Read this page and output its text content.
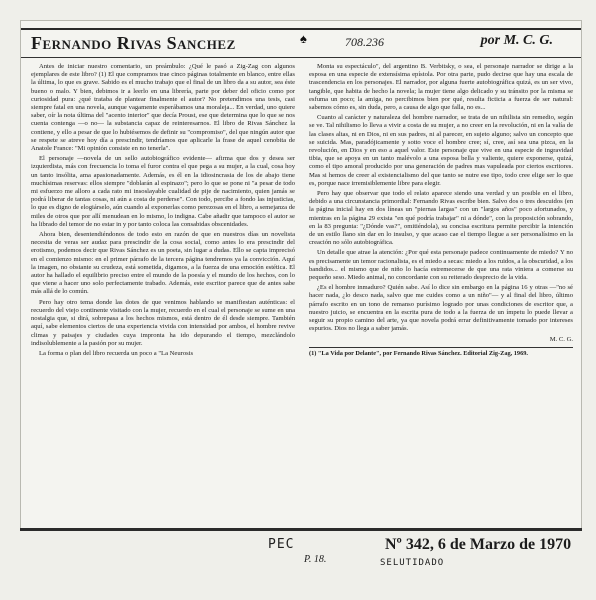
Fernando Rivas Sanchez	♠	708.236	por M. C. G.

Antes de iniciar nuestro comentario, un preámbulo: ¿Qué le pasó a Zig-Zag con algunos ejemplares de este libro? (1) El que compramos trae cinco páginas totalmente en blanco, entre ellas la última, lo que es grave. Sabido es el mucho trabajo que el final de un libro da a su autor, sea éste bueno o malo. Y bien, debimos ir a leerlo en una librería, parte por deber del oficio como por curiosidad pura: ¿qué trataba de plantear finalmente el autor? No pretendimos una tesis, casi siempre fatal en una novela, aunque vagamente esperábamos una moraleja... En verdad, uno quiere saber, oír la nota última del "acento interior" que decía Proust, ese que determina que lo que se nos cuenta contenga —o no— la substancia capaz de reinteresarnos. El libro de Rivas Sánchez la contiene, y ello a pesar de que lo hubiésemos de definir su "compromiso", del que ningún autor que se respete se atreve hoy día a prescindir, tendríamos que aplicarle la frase de aquel cenobita de Anatole France: "Mi opinión consiste en no tenerla".

El personaje —novela de un sello autobiográfico evidente— afirma que dos y desea ser izquierdista, más con frecuencia lo toma el furor contra el que pega a su mujer, a la cual, cosa hoy un tanto insólita, ama apasionadamente. Además, es él en la idiosincrasia de los de abajo tiene muchísimas reservas: ellos siempre "doblarán al espinazo"; pero lo que se pone ni "a pesar de todo mi esfuerzo me alloro a cada rato mi insoslayable cualidad de pije de nacimiento, quien jamás se podrá liberar de tantas cosas, ni aún a costa de perderse". Con todo, percibe a fondo las injusticias, lo que es digno de elogiárselo, aún cuando al exponerlas como perezosas en el libro, a semejanza de miles de otros que por allí menudean en lo mismo, lo indigna. Cabe añadir que tampoco el autor se ha librado del temor de no estar in y por tanto coloca las consabidas obscenidades.

Ahora bien, desentendiéndonos de todo esto en razón de que en nuestros días un novelista necesita de veras ser audaz para prescindir de la cosa social, como antes lo era prescindir del erotismo, podemos decir que Rivas Sánchez es un poeta, sin lugar a dudas. Ello se capta imprecisó en el comienzo mismo: en el primer párrafo de la tercera página tendremos ya la convicción. Aquí la imagen, no obstante su crudeza, está sometida, digamos, a la fuerza de una emoción estética. El autor ha hallado el equilibrio preciso entre el mundo de la poesía y el mundo de los hechos, con lo que viene a hacer uno solo perfectamente trabado. Además, este escritor parece que de antes sabe más allá de lo común.

Pero hay otro tema donde las dotes de que venimos hablando se manifiestan auténticas: el recuerdo del viejo continente visitado con la mujer, recuerdo en el cual el personaje se sume en una nostalgia que, si dirá, sobrepasa a los hechos mismos, está dentro de él desde siempre. También aquí, sabe elementos ciertos de una experiencia vivida con intensidad por ambos, el hombre revive climas y paisajes y ciudades cuya impronta ha ido depurando el tiempo, mezclándolo indisolublemente a la pasión por su mujer.

La forma o plan del libro recuerda un poco a "La Neurosis

Monta su espectáculo", del argentino B. Verbitsky, o sea, el personaje narrador se dirige a la esposa en una especie de extensísima epístola. Por otra parte, pudo decirse que hay una escala de trascendencia en los personajes. El narrador, por alguna fuerte autobiográfica quizá, es un ser vivo, tangible, que habita de hecho la novela; la mujer tiene algo delicado y su tránsito por la misma se esfuma un poco; la amiga, no percibimos bien por qué, resulta ficticia a fuerza de ser natural: sabemos cómo es, sin duda, pero, a causa de algo que falla, no es...

Cuanto al carácter y naturaleza del hombre narrador, se trata de un nihilista sin remedio, según se ve. Tal nihilismo lo lleva a vivir a costa de su mujer, a no creer en la revolución, ni en la valía de las clases altas, ni en Dios, ni en sus padres, ni al parecer, en sujeto alguno; salvo un concepto que se suicida. Mas, paradójicamente y sotto voce el hombre cree; sí, cree, así sea una pizca, en la revolución, en Dios y en eso a aquel valor. Este personaje que vive en una especie de ingravidad tibia, que se apoya en un tanto malévolo a una esposa bella y valiente, quiere exponerse, quizá, como el tipo amoral producido por una generación de padres mas vapuleada por ciertos escritores. Mas si hemos de creer al existencialismo del que tanto se nutre ese tipo, todo cree elige ser lo que es, porque nace irremisiblemente libre para elegir.

Pero hay que observar que todo el relato aparece siendo una verdad y un posible en el libro, debido a una circunstancia primordial: Fernando Rivas escribe bien. Salvo dos o tres descuidos (en la página inicial hay en dos líneas un "piernas largas" con un "largos años" poco afortunados, y mientras en la página 29 exista "en qué podría trabajar" ni a dónde", con la proposición sobrando, en la 83 pregunta: "¿Dónde vas?", omitiéndola), su concisa escritura permite percibir la intención de un estilo llano sin dar en lo insulso, y que acaso cae el tiempo llegue a ser personalísimo en la creación no sólo autobiográfica.

Un detalle que atrae la atención: ¿Por qué esta personaje padece continuamente de miedo? Y no es precisamente un temor racionalista, es el miedo a secas: miedo a los ruidos, a la obscuridad, a los bandidos... el mismo que de niño lo hacía estremecerse de que una rata viniera a comerse su pequeño seso. Miedo animal, no concordante con su reiterado desprecio de la vida.

¿Es el hombre inmaduro? Quién sabe. Así lo dice sin embargo en la página 16 y otras —"no sé hacer nada, ¿lo desco nada, salvo que me cuides como a un niño"— y al final del libro, último párrafo escrito en un tono de remanso purísimo logrado por unas condiciones de escritor que, a nuestro juicio, se encuentra en la escrita pura de todo a la fuerza de un ímpetu lo puede llevar a seguir su propio camino del arte, ya que novela podrá errar definitivamente tomado por intereses espurios. Dios no llega a saber jamás.

M. C. G.
(1) "La Vida por Delante", por Fernando Rivas Sánchez. Editorial Zig-Zag, 1969.
PEC	Nº 342, 6 de Marzo de 1970
P. 18.	SELUTIDADO
